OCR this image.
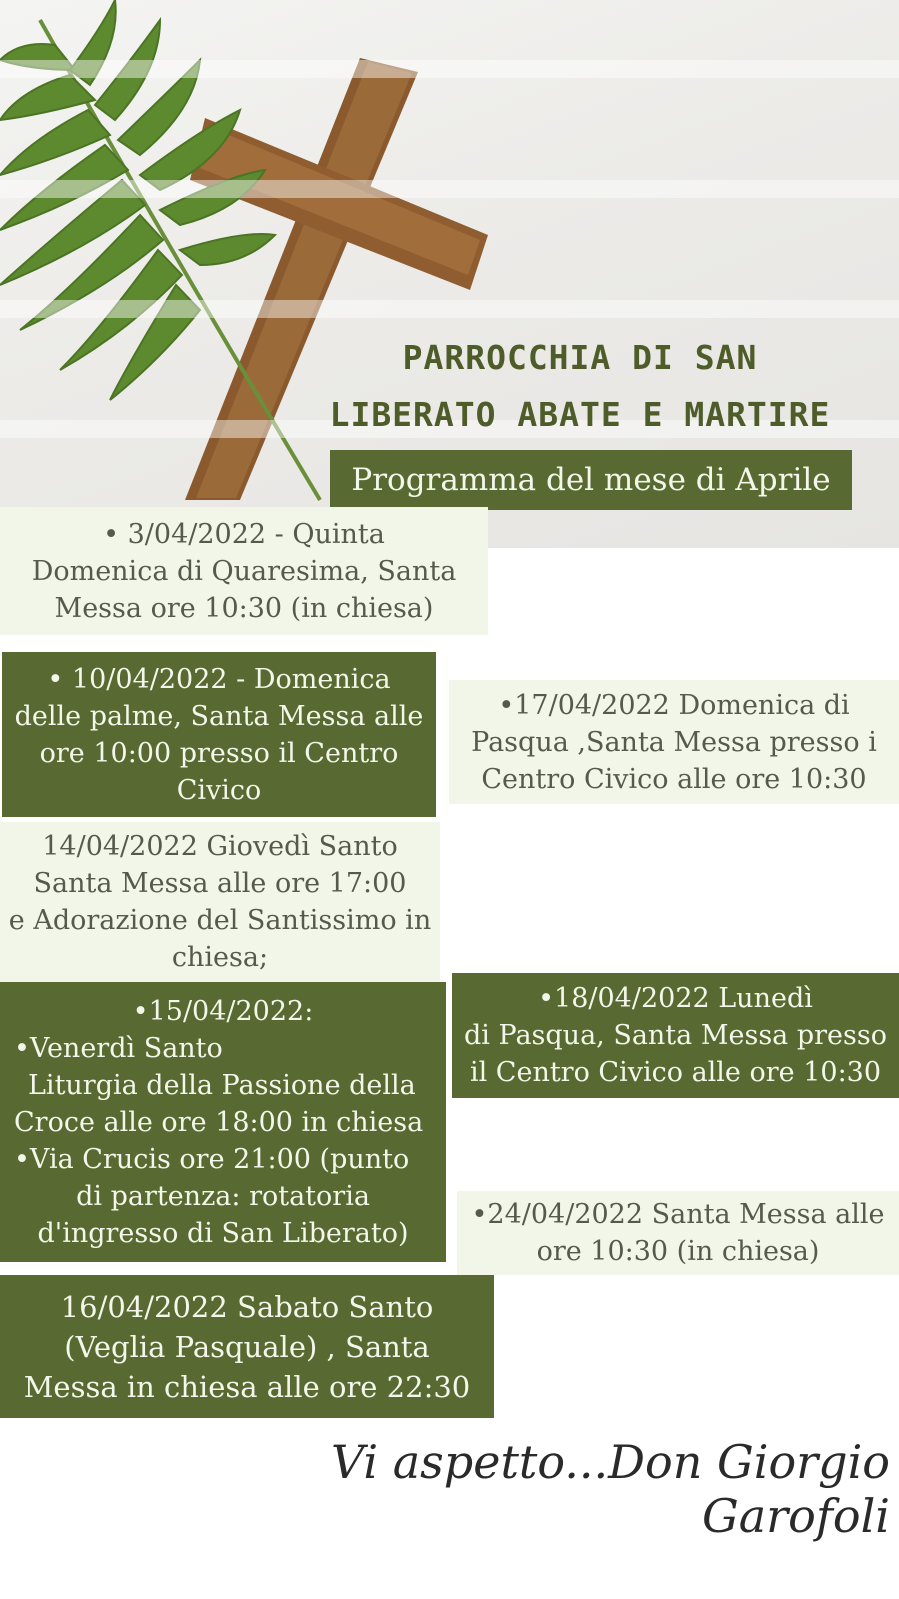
PARROCCHIA DI SAN
LIBERATO ABATE E MARTIRE
Programma del mese di Aprile
• 3/04/2022 - Quinta
Domenica di Quaresima, Santa
Messa ore 10:30 (in chiesa)
• 10/04/2022 - Domenica
delle palme, Santa Messa alle
ore 10:00 presso il Centro
Civico
•17/04/2022 Domenica di
Pasqua ,Santa Messa presso i
Centro Civico alle ore 10:30
14/04/2022 Giovedì Santo
Santa Messa alle ore 17:00
e Adorazione del Santissimo in
chiesa;
•15/04/2022:
•Venerdì Santo
Liturgia della Passione della
Croce alle ore 18:00 in chiesa
•Via Crucis ore 21:00 (punto
di partenza: rotatoria
d'ingresso di San Liberato)
•18/04/2022 Lunedì
di Pasqua, Santa Messa presso
il Centro Civico alle ore 10:30
•24/04/2022 Santa Messa alle
ore 10:30 (in chiesa)
16/04/2022 Sabato Santo
(Veglia Pasquale) , Santa
Messa in chiesa alle ore 22:30
Vi aspetto...Don Giorgio Garofoli
